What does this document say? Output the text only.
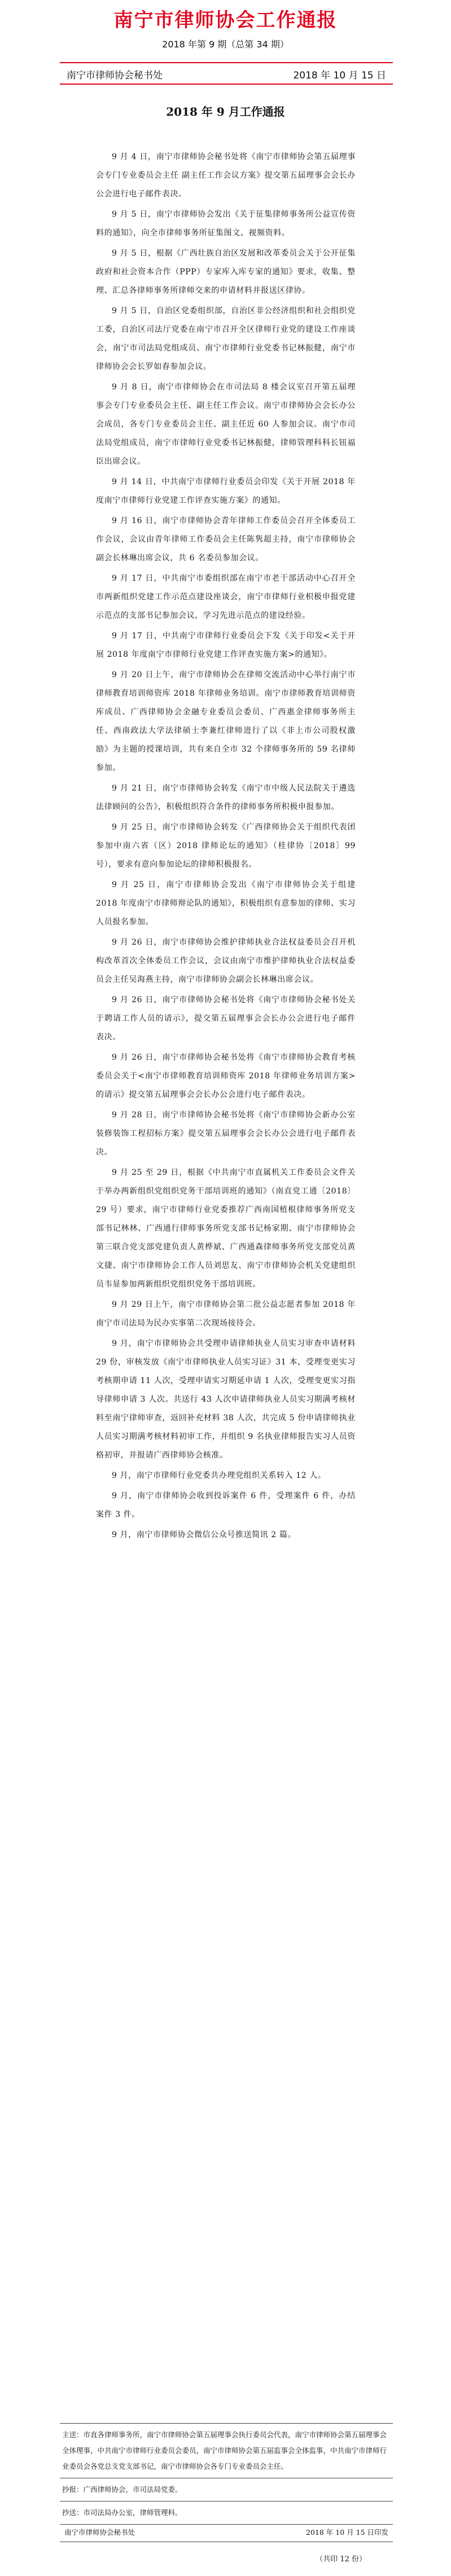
南宁市律师协会工作通报
2018 年第 9 期（总第 34 期）
南宁市律师协会秘书处	2018 年 10 月 15 日
2018 年 9 月工作通报

9 月 4 日，南宁市律师协会秘书处将《南宁市律师协会第五届理事会专门专业委员会主任 副主任工作会议方案》提交第五届理事会会长办公会进行电子邮件表决。

9 月 5 日，南宁市律师协会发出《关于征集律师事务所公益宣传资料的通知》，向全市律师事务所征集图文、视频资料。

9 月 5 日，根据《广西壮族自治区发展和改革委员会关于公开征集政府和社会资本合作（PPP）专家库入库专家的通知》要求，收集、整理、汇总各律师事务所律师交来的申请材料并报送区律协。

9 月 5 日，自治区党委组织部，自治区非公经济组织和社会组织党工委，自治区司法厅党委在南宁市召开全区律师行业党的建设工作座谈会，南宁市司法局党组成员、南宁市律师行业党委书记林振健，南宁市律师协会会长罗如春参加会议。

9 月 8 日，南宁市律师协会在市司法局 8 楼会议室召开第五届理事会专门专业委员会主任、副主任工作会议。南宁市律师协会会长办公会成员，各专门专业委员会主任、副主任近 60 人参加会议。南宁市司法局党组成员，南宁市律师行业党委书记林振健，律师管理科科长钮福臣出席会议。

9 月 14 日，中共南宁市律师行业委员会印发《关于开展 2018 年度南宁市律师行业党建工作评查实施方案》的通知。

9 月 16 日，南宁市律师协会青年律师工作委员会召开全体委员工作会议，会议由青年律师工作委员会主任陈隽超主持，南宁市律师协会副会长林琳出席会议，共 6 名委员参加会议。

9 月 17 日，中共南宁市委组织部在南宁市老干部活动中心召开全市两新组织党建工作示范点建设座谈会，南宁市律师行业枳极申报党建示范点的支部书记参加会议，学习先进示范点的建设经验。

9 月 17 日，中共南宁市律师行业委员会下发《关于印发<关于开展 2018 年度南宁市律师行业党建工作评查实施方案>的通知》。

9 月 20 日上午，南宁市律师协会在律师交流活动中心举行南宁市律师教育培训师资库 2018 年律师业务培训。南宁市律师教育培训师资库成员、广西律师协会金融专业委员会委员、广西惠金律师事务所主任、西南政法大学法律硕士李兼红律师进行了以《非上市公司股权激励》为主题的授课培训，共有来自全市 32 个律师事务所的 59 名律师参加。

9 月 21 日，南宁市律师协会转发《南宁市中级人民法院关于遴选法律顾问的公告》，积极组织符合条件的律师事务所积极申报参加。

9 月 25 日，南宁市律师协会转发《广西律师协会关于组织代表团参加中南六省（区）2018 律师论坛的通知》（桂律协〔2018〕99 号），要求有意向参加论坛的律师积极报名。

9 月 25 日，南宁市律师协会发出《南宁市律师协会关于组建 2018 年度南宁市律师辩论队的通知》，积极组织有意参加的律师、实习人员报名参加。

9 月 26 日，南宁市律师协会维护律师执业合法权益委员会召开机构改革首次全体委员工作会议，会议由南宁市维护律师执业合法权益委员会主任吴海燕主持，南宁市律师协会副会长林琳出席会议。

9 月 26 日，南宁市律师协会秘书处将《南宁市律师协会秘书处关于聘请工作人员的请示》，提交第五届理事会会长办公会进行电子邮件表决。

9 月 26 日，南宁市律师协会秘书处将《南宁市律师协会教育考核委员会关于<南宁市律师教育培训师资库 2018 年律师业务培训方案>的请示》提交第五届理事会会长办公会进行电子邮件表决。

9 月 28 日，南宁市律师协会秘书处将《南宁市律师协会新办公室装修装饰工程招标方案》提交第五届理事会会长办公会进行电子邮件表决。

9 月 25 至 29 日，根据《中共南宁市直属机关工作委员会文件关于举办两新组织党组织党务干部培训班的通知》（南直党工通〔2018〕29 号）要求，南宁市律师行业党委推荐广西南国植根律师事务所党支部书记林林、广西通行律师事务所党支部书记杨家期、南宁市律师协会第三联合党支部党建负责人黄桦斌、广西通森律师事务所党支部党员黄文捷、南宁市律师协会工作人员刘思友、南宁市律师协会机关党建组织员韦显参加两新组织党组织党务干部培训班。

9 月 29 日上午，南宁市律师协会第二批公益志愿者参加 2018 年南宁市司法局为民办实事第二次现场接待会。

9 月，南宁市律师协会共受理申请律师执业人员实习审查申请材料 29 份，审核发放《南宁市律师执业人员实习证》31 本，受理变更实习考核期申请 11 人次，受理申请实习期延申请 1 人次，受理变更实习指导律师申请 3 人次。共送行 43 人次申请律师执业人员实习期满考核材料至南宁律师审查，返回补充材料 38 人次，共完成 5 份申请律师执业人员实习期满考核材料初审工作，并组织 9 名执业律师报告实习人员资格初审，并报请广西律师协会核准。

9 月，南宁市律师行业党委共办理党组织关系转入 12 人。

9 月，南宁市律师协会收到投诉案件 6 件，受理案件 6 件，办结案件 3 件。

9 月，南宁市律师协会微信公众号推送简讯 2 篇。

主送：市直各律师事务所，南宁市律师协会第五届理事会执行委员会代表，南宁市律师协会第五届理事会全体理事，中共南宁市律师行业委员会委员，南宁市律师协会第五届监事会全体监事，中共南宁市律师行业委员会各党总支党支部书记，南宁市律师协会各专门专业委员会主任。
抄报：广西律师协会，市司法局党委。
抄送：市司法局办公室，律师管理科。
南宁市律师协会秘书处	2018 年 10 月 15 日印发
（共印 12 份）
